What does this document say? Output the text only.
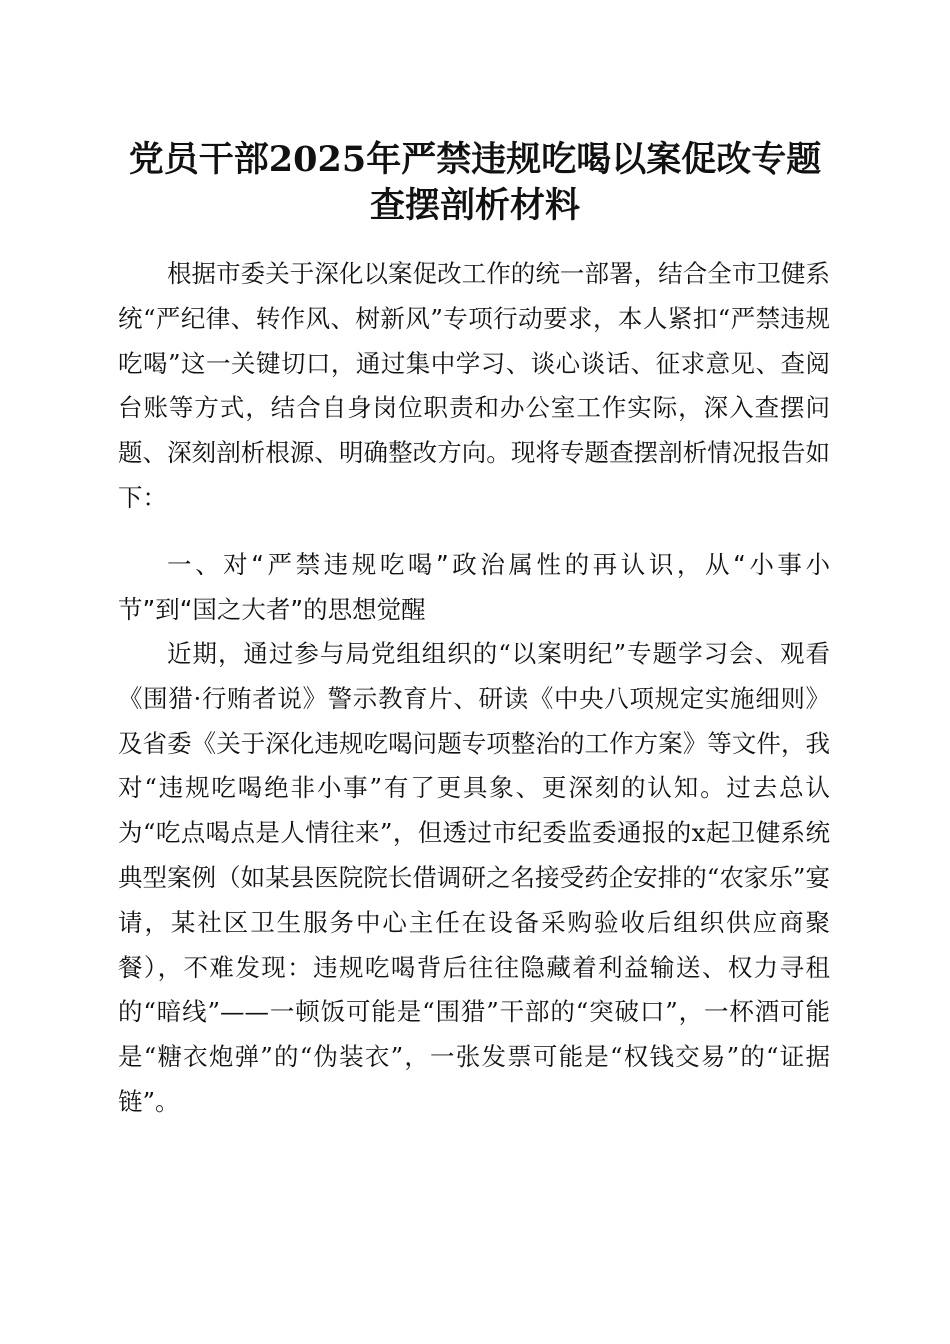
党员干部2025年严禁违规吃喝以案促改专题
查摆剖析材料

根据市委关于深化以案促改工作的统一部署，结合全市卫健系统“严纪律、转作风、树新风”专项行动要求，本人紧扣“严禁违规吃喝”这一关键切口，通过集中学习、谈心谈话、征求意见、查阅台账等方式，结合自身岗位职责和办公室工作实际，深入查摆问题、深刻剖析根源、明确整改方向。现将专题查摆剖析情况报告如下：

一、对“严禁违规吃喝”政治属性的再认识，从“小事小节”到“国之大者”的思想觉醒

近期，通过参与局党组组织的“以案明纪”专题学习会、观看《围猎·行贿者说》警示教育片、研读《中央八项规定实施细则》及省委《关于深化违规吃喝问题专项整治的工作方案》等文件，我对“违规吃喝绝非小事”有了更具象、更深刻的认知。过去总认为“吃点喝点是人情往来”，但透过市纪委监委通报的x起卫健系统典型案例（如某县医院院长借调研之名接受药企安排的“农家乐”宴请，某社区卫生服务中心主任在设备采购验收后组织供应商聚餐），不难发现：违规吃喝背后往往隐藏着利益输送、权力寻租的“暗线”——一顿饭可能是“围猎”干部的“突破口”，一杯酒可能是“糖衣炮弹”的“伪装衣”，一张发票可能是“权钱交易”的“证据链”。
